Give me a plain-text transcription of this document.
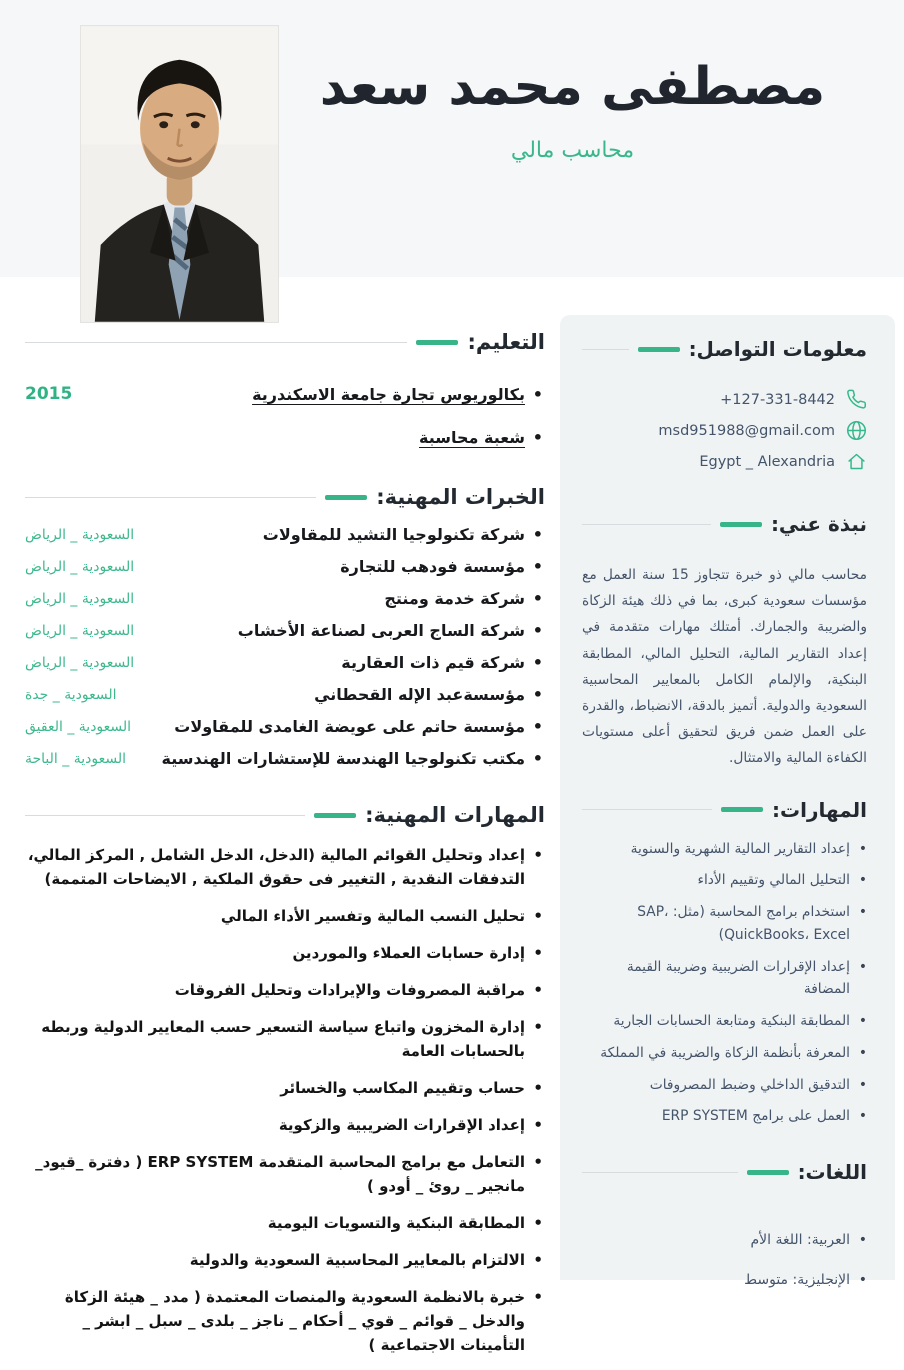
مصطفى محمد سعد

محاسب مالي

التعليم:
• بكالوريوس تجارة جامعة الاسكندرية
2015
• شعبة محاسبة
الخبرات المهنية:
• شركة تكنولوجيا التشيد للمقاولات
السعودية _ الرياض
• مؤسسة فودهب للتجارة
السعودية _ الرياض
• شركة خدمة ومنتج
السعودية _ الرياض
• شركة الساج العربى لصناعة الأخشاب
السعودية _ الرياض
• شركة قيم ذات العقارية
السعودية _ الرياض
• مؤسسةعبد الإله القحطاني
السعودية _ جدة
• مؤسسة حاتم على عويضة الغامدى للمقاولات
السعودية _ العقيق
• مكتب تكنولوجيا الهندسة للإستشارات الهندسية
السعودية _ الباحة
المهارات المهنية:
• إعداد وتحليل القوائم المالية (الدخل، الدخل الشامل , المركز المالي، التدفقات النقدية , التغيير فى حقوق الملكية , الايضاحات المتممة)
• تحليل النسب المالية وتفسير الأداء المالي
• إدارة حسابات العملاء والموردين
• مراقبة المصروفات والإيرادات وتحليل الفروقات
• إدارة المخزون واتباع سياسة التسعير حسب المعايير الدولية وربطه بالحسابات العامة
• حساب وتقييم المكاسب والخسائر
• إعداد الإقرارات الضريبية والزكوية
• التعامل مع برامج المحاسبة المتقدمة ERP SYSTEM ( دفترة _قيود_ مانجير _ روئ _ أودو )
• المطابقة البنكية والتسويات اليومية
• الالتزام بالمعايير المحاسبية السعودية والدولية
• خبرة بالانظمة السعودية والمنصات المعتمدة ( مدد _ هيئة الزكاة والدخل _ قوائم _ قوي _ أحكام _ ناجز _ بلدى _ سبل _ ابشر _ التأمينات الاجتماعية )
معلومات التواصل:
+127-331-8442
msd951988@gmail.com
Egypt _ Alexandria
نبذة عني:

محاسب مالي ذو خبرة تتجاوز 15 سنة العمل مع مؤسسات سعودية كبرى، بما في ذلك هيئة الزكاة والضريبة والجمارك. أمتلك مهارات متقدمة في إعداد التقارير المالية، التحليل المالي، المطابقة البنكية، والإلمام الكامل بالمعايير المحاسبية السعودية والدولية. أتميز بالدقة، الانضباط، والقدرة على العمل ضمن فريق لتحقيق أعلى مستويات الكفاءة المالية والامتثال.

المهارات:
• إعداد التقارير المالية الشهرية والسنوية
• التحليل المالي وتقييم الأداء
• استخدام برامج المحاسبة (مثل: SAP، QuickBooks، Excel)
• إعداد الإقرارات الضريبية وضريبة القيمة المضافة
• المطابقة البنكية ومتابعة الحسابات الجارية
• المعرفة بأنظمة الزكاة والضريبة في المملكة
• التدقيق الداخلي وضبط المصروفات
• العمل على برامج ERP SYSTEM
اللغات:
• العربية: اللغة الأم
• الإنجليزية: متوسط
